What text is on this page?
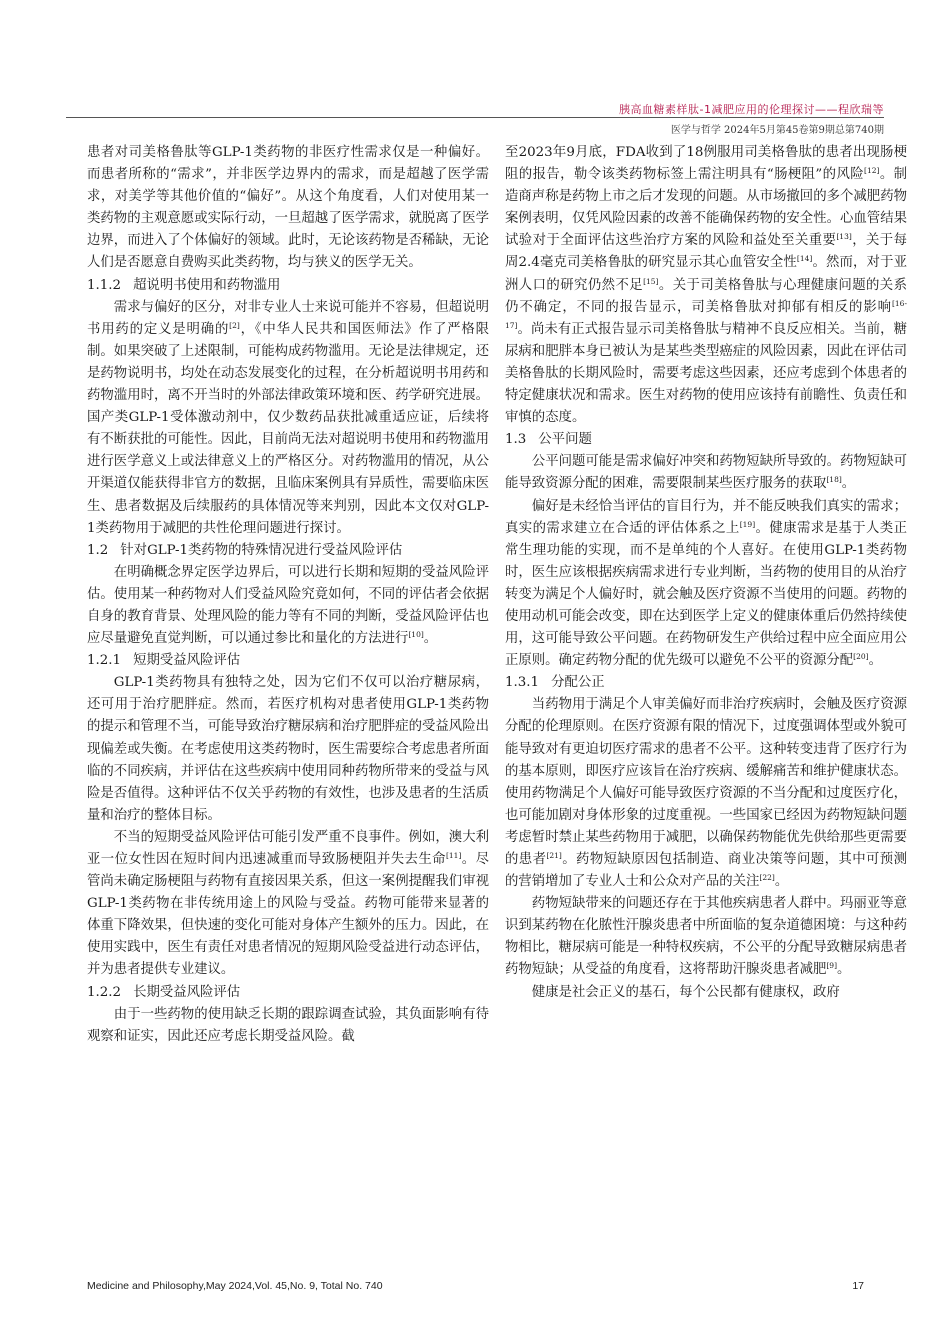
胰高血糖素样肽-1减肥应用的伦理探讨——程欣瑞等
医学与哲学 2024年5月第45卷第9期总第740期

患者对司美格鲁肽等GLP-1类药物的非医疗性需求仅是一种偏好。而患者所称的“需求”，并非医学边界内的需求，而是超越了医学需求，对美学等其他价值的“偏好”。从这个角度看，人们对使用某一类药物的主观意愿或实际行动，一旦超越了医学需求，就脱离了医学边界，而进入了个体偏好的领域。此时，无论该药物是否稀缺，无论人们是否愿意自费购买此类药物，均与狭义的医学无关。

1.1.2 超说明书使用和药物滥用

需求与偏好的区分，对非专业人士来说可能并不容易，但超说明书用药的定义是明确的[2]，《中华人民共和国医师法》作了严格限制。如果突破了上述限制，可能构成药物滥用。无论是法律规定，还是药物说明书，均处在动态发展变化的过程，在分析超说明书用药和药物滥用时，离不开当时的外部法律政策环境和医、药学研究进展。国产类GLP-1受体激动剂中，仅少数药品获批减重适应证，后续将有不断获批的可能性。因此，目前尚无法对超说明书使用和药物滥用进行医学意义上或法律意义上的严格区分。对药物滥用的情况，从公开渠道仅能获得非官方的数据，且临床案例具有异质性，需要临床医生、患者数据及后续服药的具体情况等来判别，因此本文仅对GLP-1类药物用于减肥的共性伦理问题进行探讨。

1.2 针对GLP-1类药物的特殊情况进行受益风险评估

在明确概念界定医学边界后，可以进行长期和短期的受益风险评估。使用某一种药物对人们受益风险究竟如何，不同的评估者会依据自身的教育背景、处理风险的能力等有不同的判断，受益风险评估也应尽量避免直觉判断，可以通过参比和量化的方法进行[10]。

1.2.1 短期受益风险评估

GLP-1类药物具有独特之处，因为它们不仅可以治疗糖尿病，还可用于治疗肥胖症。然而，若医疗机构对患者使用GLP-1类药物的提示和管理不当，可能导致治疗糖尿病和治疗肥胖症的受益风险出现偏差或失衡。在考虑使用这类药物时，医生需要综合考虑患者所面临的不同疾病，并评估在这些疾病中使用同种药物所带来的受益与风险是否值得。这种评估不仅关乎药物的有效性，也涉及患者的生活质量和治疗的整体目标。

不当的短期受益风险评估可能引发严重不良事件。例如，澳大利亚一位女性因在短时间内迅速减重而导致肠梗阻并失去生命[11]。尽管尚未确定肠梗阻与药物有直接因果关系，但这一案例提醒我们审视GLP-1类药物在非传统用途上的风险与受益。药物可能带来显著的体重下降效果，但快速的变化可能对身体产生额外的压力。因此，在使用实践中，医生有责任对患者情况的短期风险受益进行动态评估，并为患者提供专业建议。

1.2.2 长期受益风险评估

由于一些药物的使用缺乏长期的跟踪调查试验，其负面影响有待观察和证实，因此还应考虑长期受益风险。截

至2023年9月底，FDA收到了18例服用司美格鲁肽的患者出现肠梗阻的报告，勒令该类药物标签上需注明具有“肠梗阻”的风险[12]。制造商声称是药物上市之后才发现的问题。从市场撤回的多个减肥药物案例表明，仅凭风险因素的改善不能确保药物的安全性。心血管结果试验对于全面评估这些治疗方案的风险和益处至关重要[13]，关于每周2.4毫克司美格鲁肽的研究显示其心血管安全性[14]。然而，对于亚洲人口的研究仍然不足[15]。关于司美格鲁肽与心理健康问题的关系仍不确定，不同的报告显示，司美格鲁肽对抑郁有相反的影响[16-17]。尚未有正式报告显示司美格鲁肽与精神不良反应相关。当前，糖尿病和肥胖本身已被认为是某些类型癌症的风险因素，因此在评估司美格鲁肽的长期风险时，需要考虑这些因素，还应考虑到个体患者的特定健康状况和需求。医生对药物的使用应该持有前瞻性、负责任和审慎的态度。

1.3 公平问题

公平问题可能是需求偏好冲突和药物短缺所导致的。药物短缺可能导致资源分配的困难，需要限制某些医疗服务的获取[18]。

偏好是未经恰当评估的盲目行为，并不能反映我们真实的需求；真实的需求建立在合适的评估体系之上[19]。健康需求是基于人类正常生理功能的实现，而不是单纯的个人喜好。在使用GLP-1类药物时，医生应该根据疾病需求进行专业判断，当药物的使用目的从治疗转变为满足个人偏好时，就会触及医疗资源不当使用的问题。药物的使用动机可能会改变，即在达到医学上定义的健康体重后仍然持续使用，这可能导致公平问题。在药物研发生产供给过程中应全面应用公正原则。确定药物分配的优先级可以避免不公平的资源分配[20]。

1.3.1 分配公正

当药物用于满足个人审美偏好而非治疗疾病时，会触及医疗资源分配的伦理原则。在医疗资源有限的情况下，过度强调体型或外貌可能导致对有更迫切医疗需求的患者不公平。这种转变违背了医疗行为的基本原则，即医疗应该旨在治疗疾病、缓解痛苦和维护健康状态。使用药物满足个人偏好可能导致医疗资源的不当分配和过度医疗化，也可能加剧对身体形象的过度重视。一些国家已经因为药物短缺问题考虑暂时禁止某些药物用于减肥，以确保药物能优先供给那些更需要的患者[21]。药物短缺原因包括制造、商业决策等问题，其中可预测的营销增加了专业人士和公众对产品的关注[22]。

药物短缺带来的问题还存在于其他疾病患者人群中。玛丽亚等意识到某药物在化脓性汗腺炎患者中所面临的复杂道德困境：与这种药物相比，糖尿病可能是一种特权疾病，不公平的分配导致糖尿病患者药物短缺；从受益的角度看，这将帮助汗腺炎患者减肥[9]。

健康是社会正义的基石，每个公民都有健康权，政府

Medicine and Philosophy,May 2024,Vol. 45,No. 9, Total No. 740	17
